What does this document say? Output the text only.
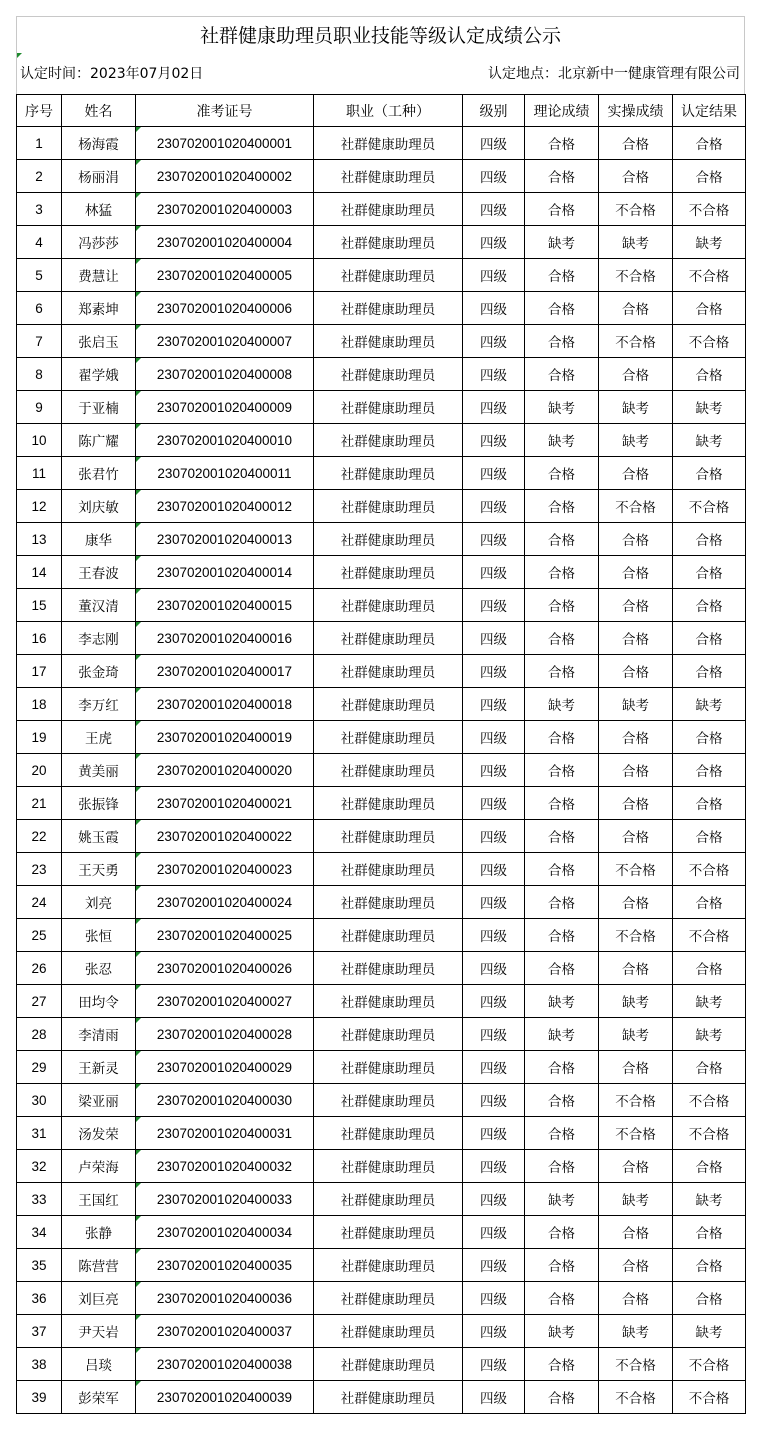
社群健康助理员职业技能等级认定成绩公示
认定时间：2023年07月02日	认定地点：北京新中一健康管理有限公司
序号	姓名	准考证号	职业（工种）	级别	理论成绩	实操成绩	认定结果
1	杨海霞	230702001020400001	社群健康助理员	四级	合格	合格	合格
2	杨丽涓	230702001020400002	社群健康助理员	四级	合格	合格	合格
3	林猛	230702001020400003	社群健康助理员	四级	合格	不合格	不合格
4	冯莎莎	230702001020400004	社群健康助理员	四级	缺考	缺考	缺考
5	费慧让	230702001020400005	社群健康助理员	四级	合格	不合格	不合格
6	郑素坤	230702001020400006	社群健康助理员	四级	合格	合格	合格
7	张启玉	230702001020400007	社群健康助理员	四级	合格	不合格	不合格
8	翟学娥	230702001020400008	社群健康助理员	四级	合格	合格	合格
9	于亚楠	230702001020400009	社群健康助理员	四级	缺考	缺考	缺考
10	陈广耀	230702001020400010	社群健康助理员	四级	缺考	缺考	缺考
11	张君竹	230702001020400011	社群健康助理员	四级	合格	合格	合格
12	刘庆敏	230702001020400012	社群健康助理员	四级	合格	不合格	不合格
13	康华	230702001020400013	社群健康助理员	四级	合格	合格	合格
14	王春波	230702001020400014	社群健康助理员	四级	合格	合格	合格
15	董汉清	230702001020400015	社群健康助理员	四级	合格	合格	合格
16	李志刚	230702001020400016	社群健康助理员	四级	合格	合格	合格
17	张金琦	230702001020400017	社群健康助理员	四级	合格	合格	合格
18	李万红	230702001020400018	社群健康助理员	四级	缺考	缺考	缺考
19	王虎	230702001020400019	社群健康助理员	四级	合格	合格	合格
20	黄美丽	230702001020400020	社群健康助理员	四级	合格	合格	合格
21	张振锋	230702001020400021	社群健康助理员	四级	合格	合格	合格
22	姚玉霞	230702001020400022	社群健康助理员	四级	合格	合格	合格
23	王天勇	230702001020400023	社群健康助理员	四级	合格	不合格	不合格
24	刘亮	230702001020400024	社群健康助理员	四级	合格	合格	合格
25	张恒	230702001020400025	社群健康助理员	四级	合格	不合格	不合格
26	张忍	230702001020400026	社群健康助理员	四级	合格	合格	合格
27	田均令	230702001020400027	社群健康助理员	四级	缺考	缺考	缺考
28	李清雨	230702001020400028	社群健康助理员	四级	缺考	缺考	缺考
29	王新灵	230702001020400029	社群健康助理员	四级	合格	合格	合格
30	梁亚丽	230702001020400030	社群健康助理员	四级	合格	不合格	不合格
31	汤发荣	230702001020400031	社群健康助理员	四级	合格	不合格	不合格
32	卢荣海	230702001020400032	社群健康助理员	四级	合格	合格	合格
33	王国红	230702001020400033	社群健康助理员	四级	缺考	缺考	缺考
34	张静	230702001020400034	社群健康助理员	四级	合格	合格	合格
35	陈营营	230702001020400035	社群健康助理员	四级	合格	合格	合格
36	刘巨亮	230702001020400036	社群健康助理员	四级	合格	合格	合格
37	尹天岩	230702001020400037	社群健康助理员	四级	缺考	缺考	缺考
38	吕琰	230702001020400038	社群健康助理员	四级	合格	不合格	不合格
39	彭荣军	230702001020400039	社群健康助理员	四级	合格	不合格	不合格
